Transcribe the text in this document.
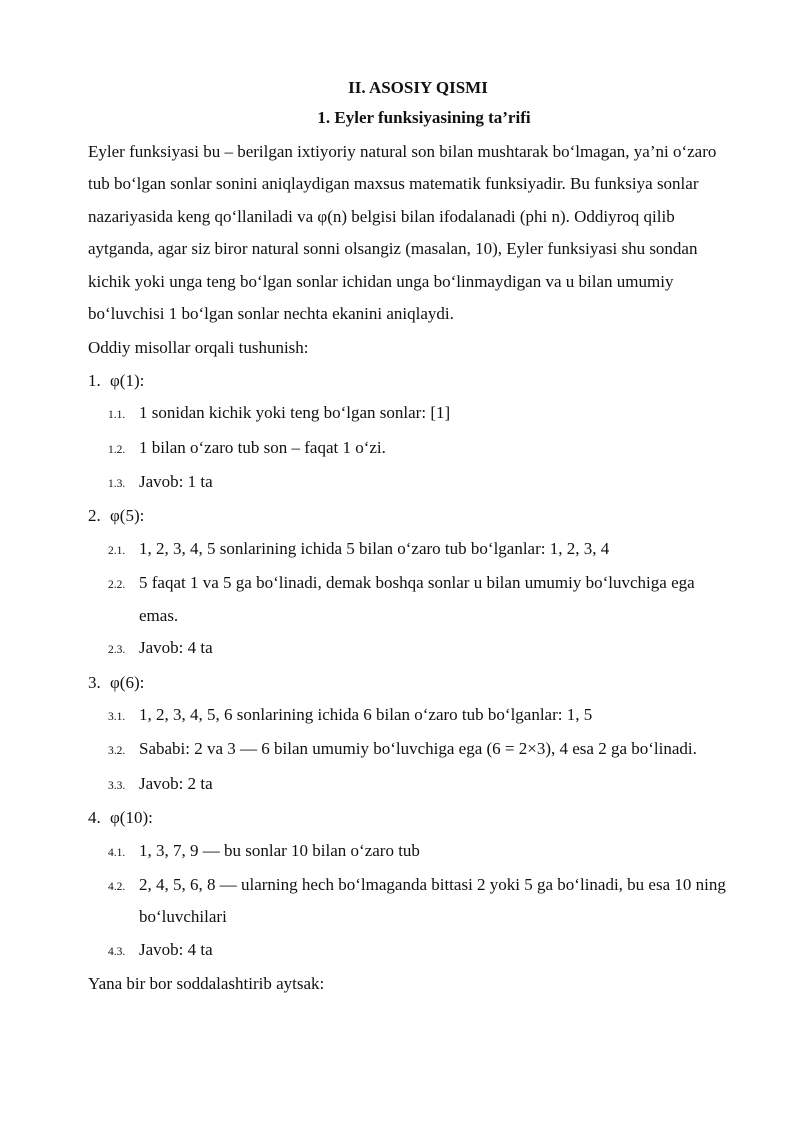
II. ASOSIY QISMI
1. Eyler funksiyasining ta’rifi

Eyler funksiyasi bu – berilgan ixtiyoriy natural son bilan mushtarak bo‘lmagan, ya’ni o‘zaro tub bo‘lgan sonlar sonini aniqlaydigan maxsus matematik funksiyadir. Bu funksiya sonlar nazariyasida keng qo‘llaniladi va φ(n) belgisi bilan ifodalanadi (phi n). Oddiyroq qilib aytganda, agar siz biror natural sonni olsangiz (masalan, 10), Eyler funksiyasi shu sondan kichik yoki unga teng bo‘lgan sonlar ichidan unga bo‘linmaydigan va u bilan umumiy bo‘luvchisi 1 bo‘lgan sonlar nechta ekanini aniqlaydi.

Oddiy misollar orqali tushunish:

1. φ(1):
1.1. 1 sonidan kichik yoki teng bo‘lgan sonlar: [1]
1.2. 1 bilan o‘zaro tub son – faqat 1 o‘zi.
1.3. Javob: 1 ta
2. φ(5):
2.1. 1, 2, 3, 4, 5 sonlarining ichida 5 bilan o‘zaro tub bo‘lganlar: 1, 2, 3, 4
2.2. 5 faqat 1 va 5 ga bo‘linadi, demak boshqa sonlar u bilan umumiy bo‘luvchiga ega emas.
2.3. Javob: 4 ta
3. φ(6):
3.1. 1, 2, 3, 4, 5, 6 sonlarining ichida 6 bilan o‘zaro tub bo‘lganlar: 1, 5
3.2. Sababi: 2 va 3 — 6 bilan umumiy bo‘luvchiga ega (6 = 2×3), 4 esa 2 ga bo‘linadi.
3.3. Javob: 2 ta
4. φ(10):
4.1. 1, 3, 7, 9 — bu sonlar 10 bilan o‘zaro tub
4.2. 2, 4, 5, 6, 8 — ularning hech bo‘lmaganda bittasi 2 yoki 5 ga bo‘linadi, bu esa 10 ning bo‘luvchilari
4.3. Javob: 4 ta

Yana bir bor soddalashtirib aytsak:
